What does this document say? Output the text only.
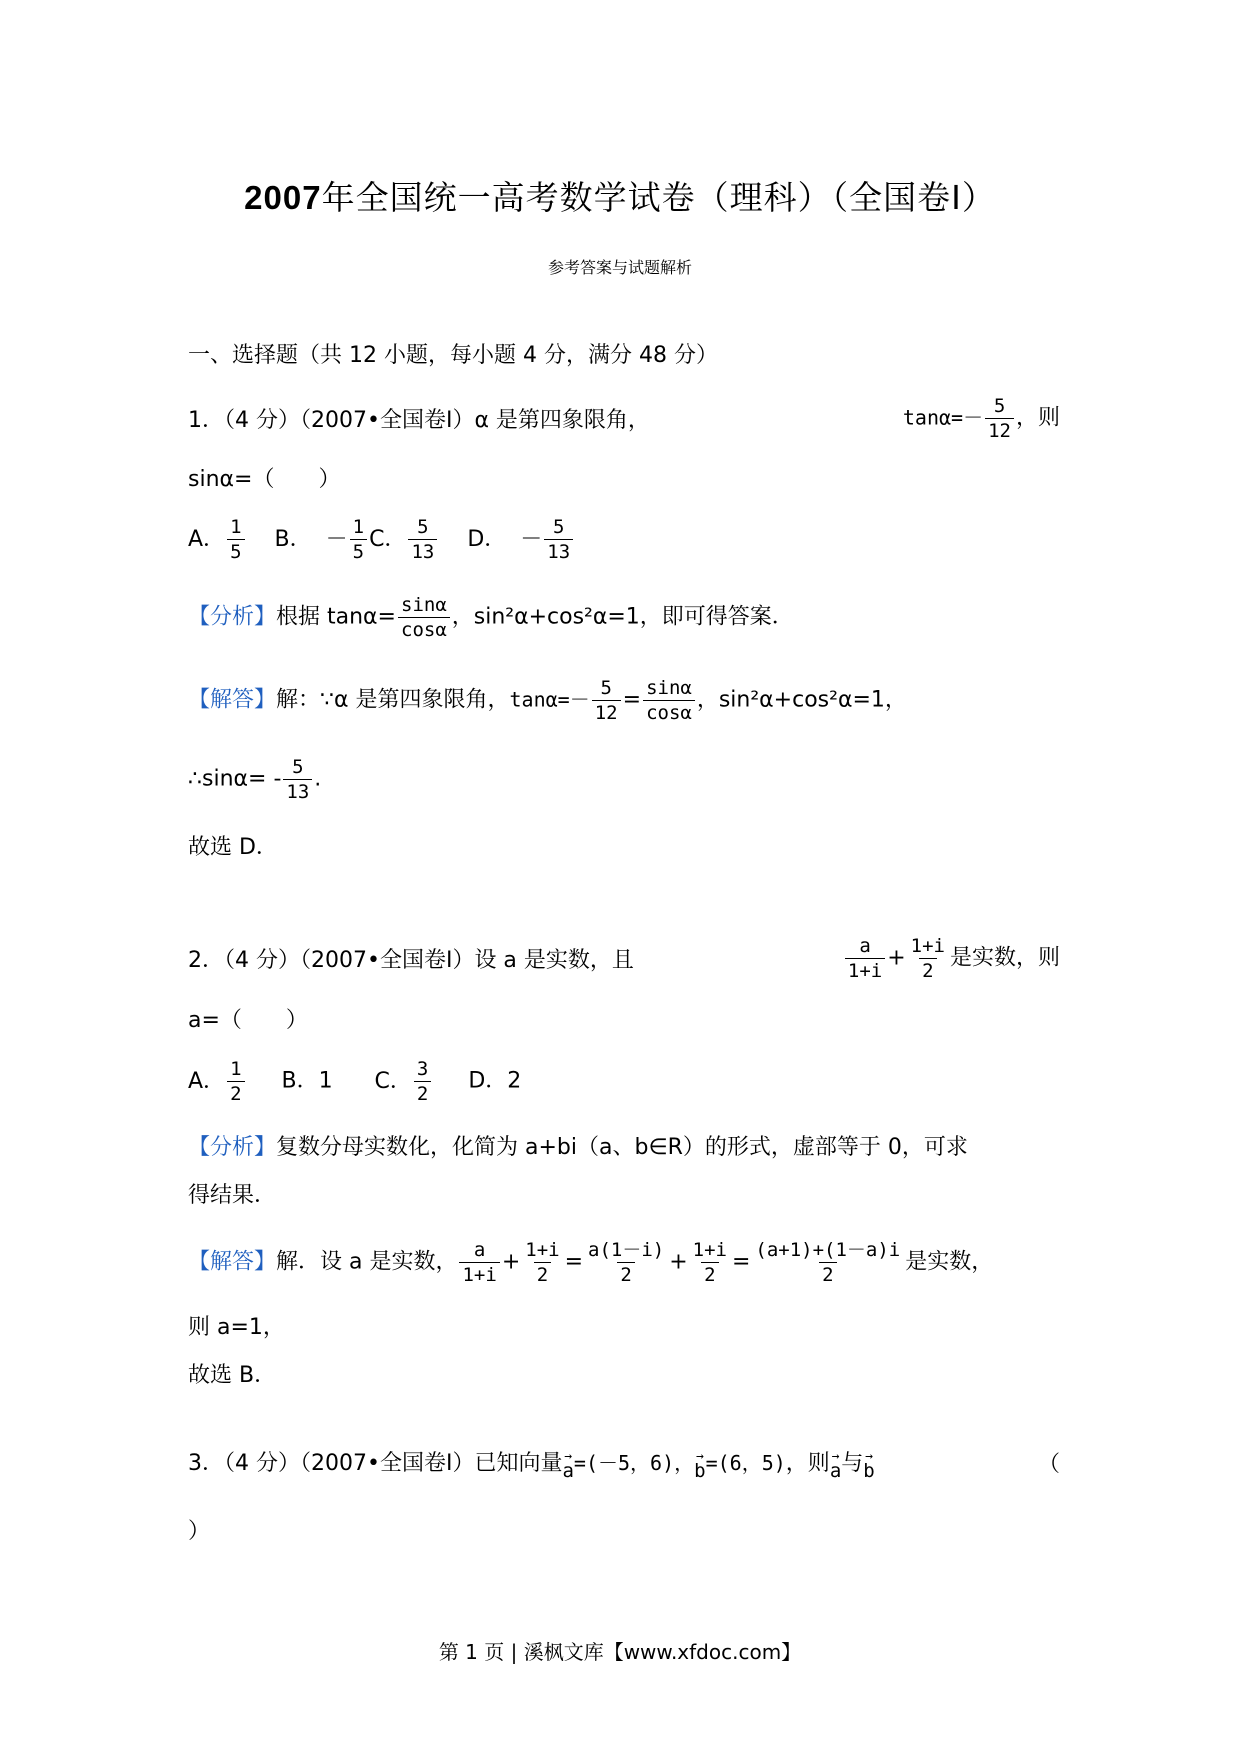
2007年全国统一高考数学试卷（理科）（全国卷Ⅰ）
参考答案与试题解析
一、选择题（共 12 小题，每小题 4 分，满分 48 分）
1．（4 分）（2007•全国卷Ⅰ）α 是第四象限角，	$\tan\alpha=- \frac{5}{12}$ ，则
sinα=（　　）
A． $\frac{1}{5}$ B． － $\frac{1}{5}$ C． $\frac{5}{13}$ D． － $\frac{5}{13}$
【分析】根据 $\tan\alpha= \frac{\sin\alpha}{\cos\alpha}$ ，sin²α+cos²α=1，即可得答案．
【解答】解：∵α 是第四象限角，$\tan\alpha=- \frac{5}{12} = \frac{\sin\alpha}{\cos\alpha}$ ，sin²α+cos²α=1，
∴sinα= - $\frac{5}{13}$ .
故选 D．
2．（4 分）（2007•全国卷Ⅰ）设 a 是实数，且	$\frac{a}{1+i} + \frac{1+i}{2}$ 是实数，则
a=（　　）
A． $\frac{1}{2}$ B．1 C． $\frac{3}{2}$ D．2
【分析】复数分母实数化，化简为 a+bi（a、b∈R）的形式，虚部等于 0，可求
得结果．
【解答】解．设 a 是实数， $\frac{a}{1+i} + \frac{1+i}{2} = \frac{a(1-i)}{2} + \frac{1+i}{2} = \frac{(a+1)+(1-a)i}{2}$ 是实数，
则 a=1，
故选 B．
3．（4 分）（2007•全国卷Ⅰ）已知向量 →
a =(－5，6)， →
b =(6，5)，则 →
a 与 →
b	（
）
第 1 页 | 溪枫文库【www.xfdoc.com】
